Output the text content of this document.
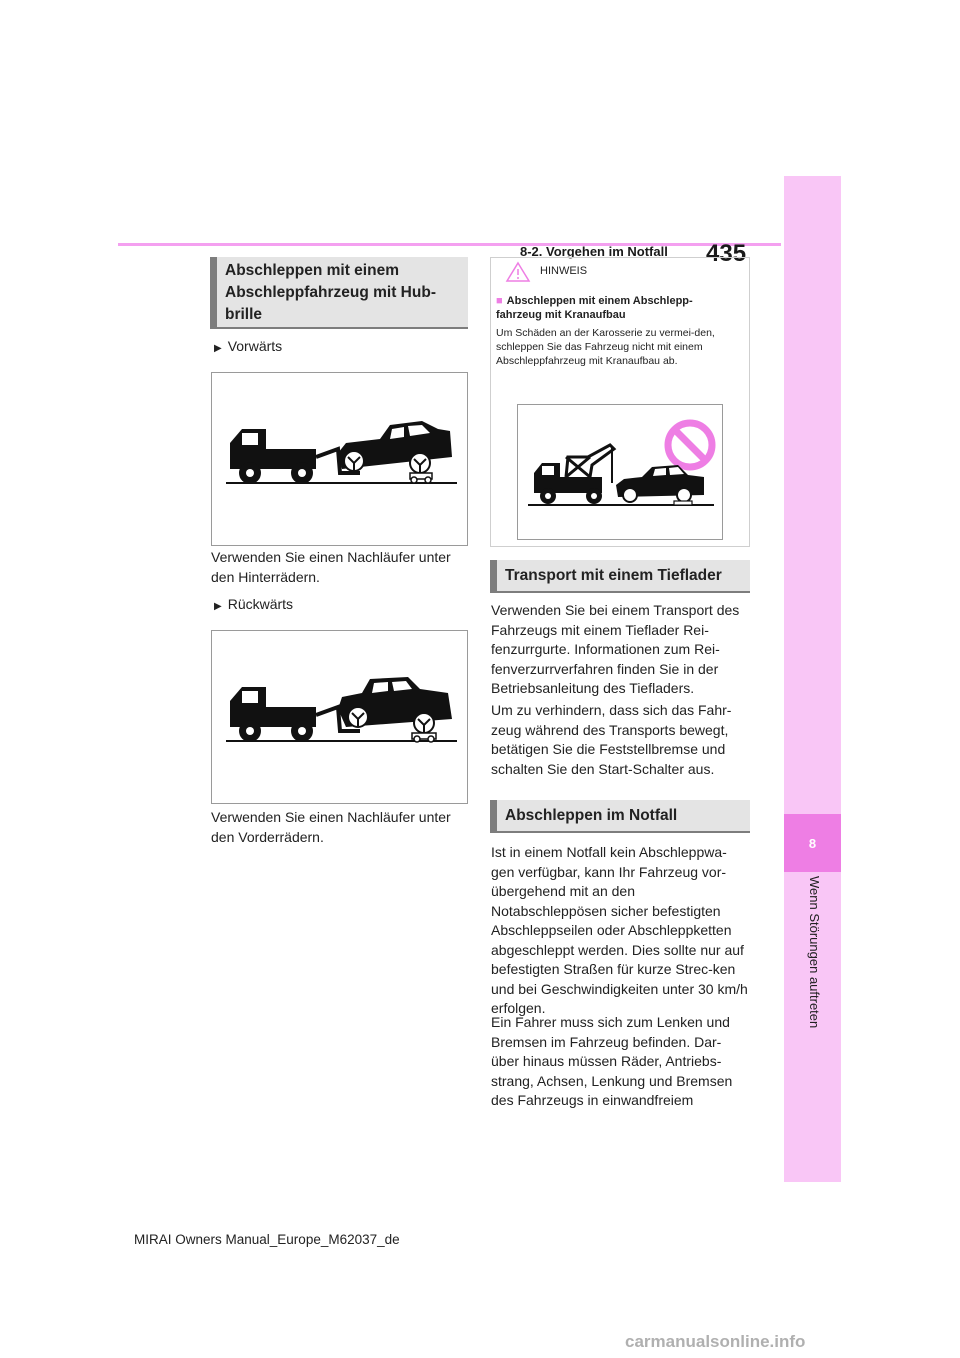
8-2. Vorgehen im Notfall 435
8
Wenn Störungen auftreten
Abschleppen mit einem Abschleppfahrzeug mit Hub-brille
▶ Vorwärts
Verwenden Sie einen Nachläufer unter den Hinterrädern.
▶ Rückwärts
Verwenden Sie einen Nachläufer unter den Vorderrädern.
HINWEIS
■ Abschleppen mit einem Abschlepp-fahrzeug mit Kranaufbau
Um Schäden an der Karosserie zu vermei-den, schleppen Sie das Fahrzeug nicht mit einem Abschleppfahrzeug mit Kranaufbau ab.
Transport mit einem Tieflader
Verwenden Sie bei einem Transport des Fahrzeugs mit einem Tieflader Rei-fenzurrgurte. Informationen zum Rei-fenverzurrverfahren finden Sie in der Betriebsanleitung des Tiefladers.
Um zu verhindern, dass sich das Fahr-zeug während des Transports bewegt, betätigen Sie die Feststellbremse und schalten Sie den Start-Schalter aus.
Abschleppen im Notfall
Ist in einem Notfall kein Abschleppwa-gen verfügbar, kann Ihr Fahrzeug vor-übergehend mit an den Notabschleppösen sicher befestigten Abschleppseilen oder Abschleppketten abgeschleppt werden. Dies sollte nur auf befestigten Straßen für kurze Strec-ken und bei Geschwindigkeiten unter 30 km/h erfolgen.
Ein Fahrer muss sich zum Lenken und Bremsen im Fahrzeug befinden. Dar-über hinaus müssen Räder, Antriebs-strang, Achsen, Lenkung und Bremsen des Fahrzeugs in einwandfreiem
MIRAI Owners Manual_Europe_M62037_de
carmanualsonline.info
